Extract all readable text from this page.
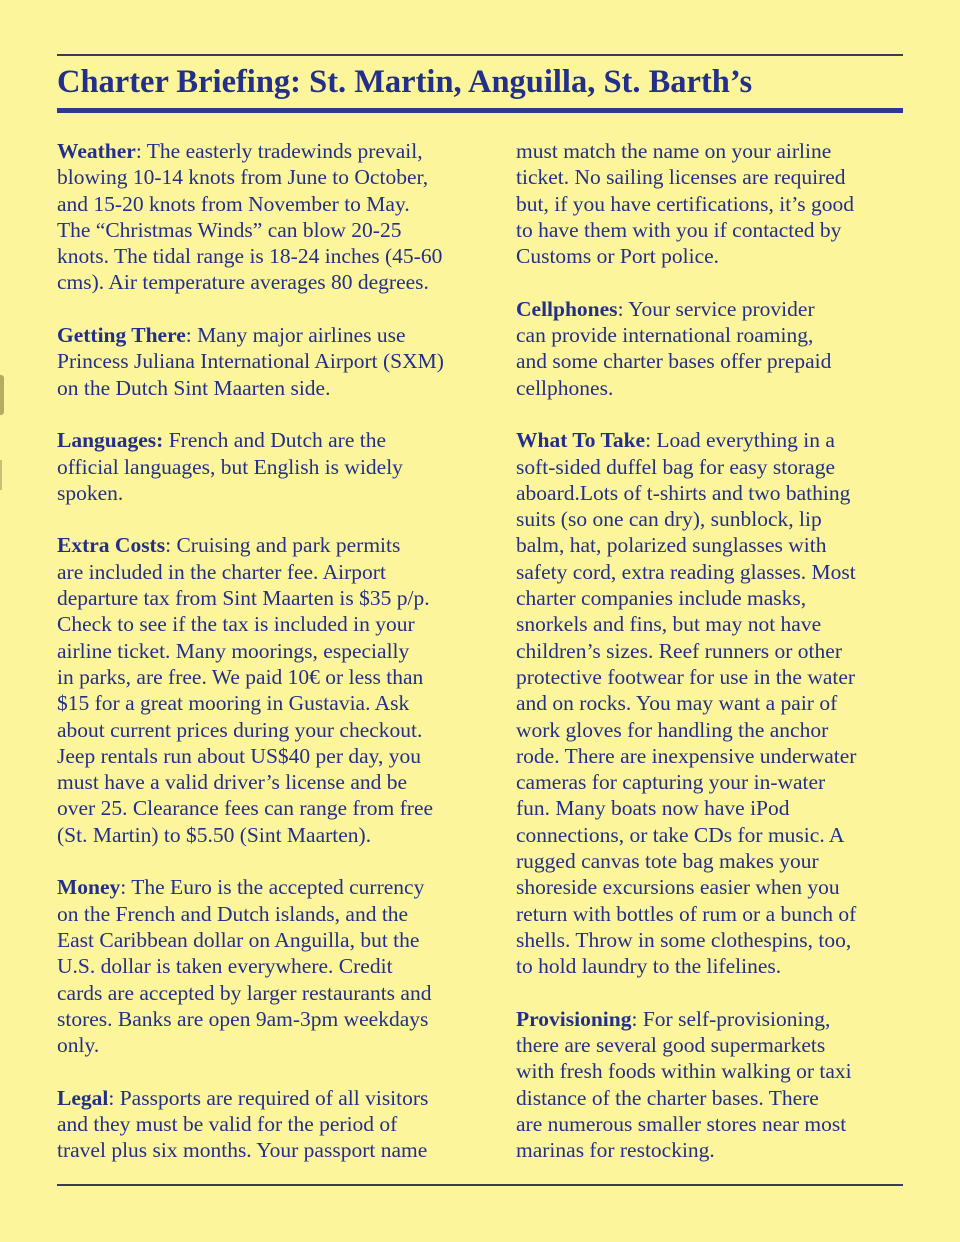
Charter Briefing: St. Martin, Anguilla, St. Barth’s
Weather: The easterly tradewinds prevail,
blowing 10-14 knots from June to October,
and 15-20 knots from November to May.
The “Christmas Winds” can blow 20-25
knots. The tidal range is 18-24 inches (45-60
cms). Air temperature averages 80 degrees.
Getting There: Many major airlines use
Princess Juliana International Airport (SXM)
on the Dutch Sint Maarten side.
Languages: French and Dutch are the
official languages, but English is widely
spoken.
Extra Costs: Cruising and park permits
are included in the charter fee. Airport
departure tax from Sint Maarten is $35 p/p.
Check to see if the tax is included in your
airline ticket. Many moorings, especially
in parks, are free. We paid 10€ or less than
$15 for a great mooring in Gustavia. Ask
about current prices during your checkout.
Jeep rentals run about US$40 per day, you
must have a valid driver’s license and be
over 25. Clearance fees can range from free
(St. Martin) to $5.50 (Sint Maarten).
Money: The Euro is the accepted currency
on the French and Dutch islands, and the
East Caribbean dollar on Anguilla, but the
U.S. dollar is taken everywhere. Credit
cards are accepted by larger restaurants and
stores. Banks are open 9am-3pm weekdays
only.
Legal: Passports are required of all visitors
and they must be valid for the period of
travel plus six months. Your passport name
must match the name on your airline
ticket. No sailing licenses are required
but, if you have certifications, it’s good
to have them with you if contacted by
Customs or Port police.
Cellphones: Your service provider
can provide international roaming,
and some charter bases offer prepaid
cellphones.
What To Take: Load everything in a
soft-sided duffel bag for easy storage
aboard.Lots of t-shirts and two bathing
suits (so one can dry), sunblock, lip
balm, hat, polarized sunglasses with
safety cord, extra reading glasses. Most
charter companies include masks,
snorkels and fins, but may not have
children’s sizes. Reef runners or other
protective footwear for use in the water
and on rocks. You may want a pair of
work gloves for handling the anchor
rode. There are inexpensive underwater
cameras for capturing your in-water
fun. Many boats now have iPod
connections, or take CDs for music. A
rugged canvas tote bag makes your
shoreside excursions easier when you
return with bottles of rum or a bunch of
shells. Throw in some clothespins, too,
to hold laundry to the lifelines.
Provisioning: For self-provisioning,
there are several good supermarkets
with fresh foods within walking or taxi
distance of the charter bases. There
are numerous smaller stores near most
marinas for restocking.
